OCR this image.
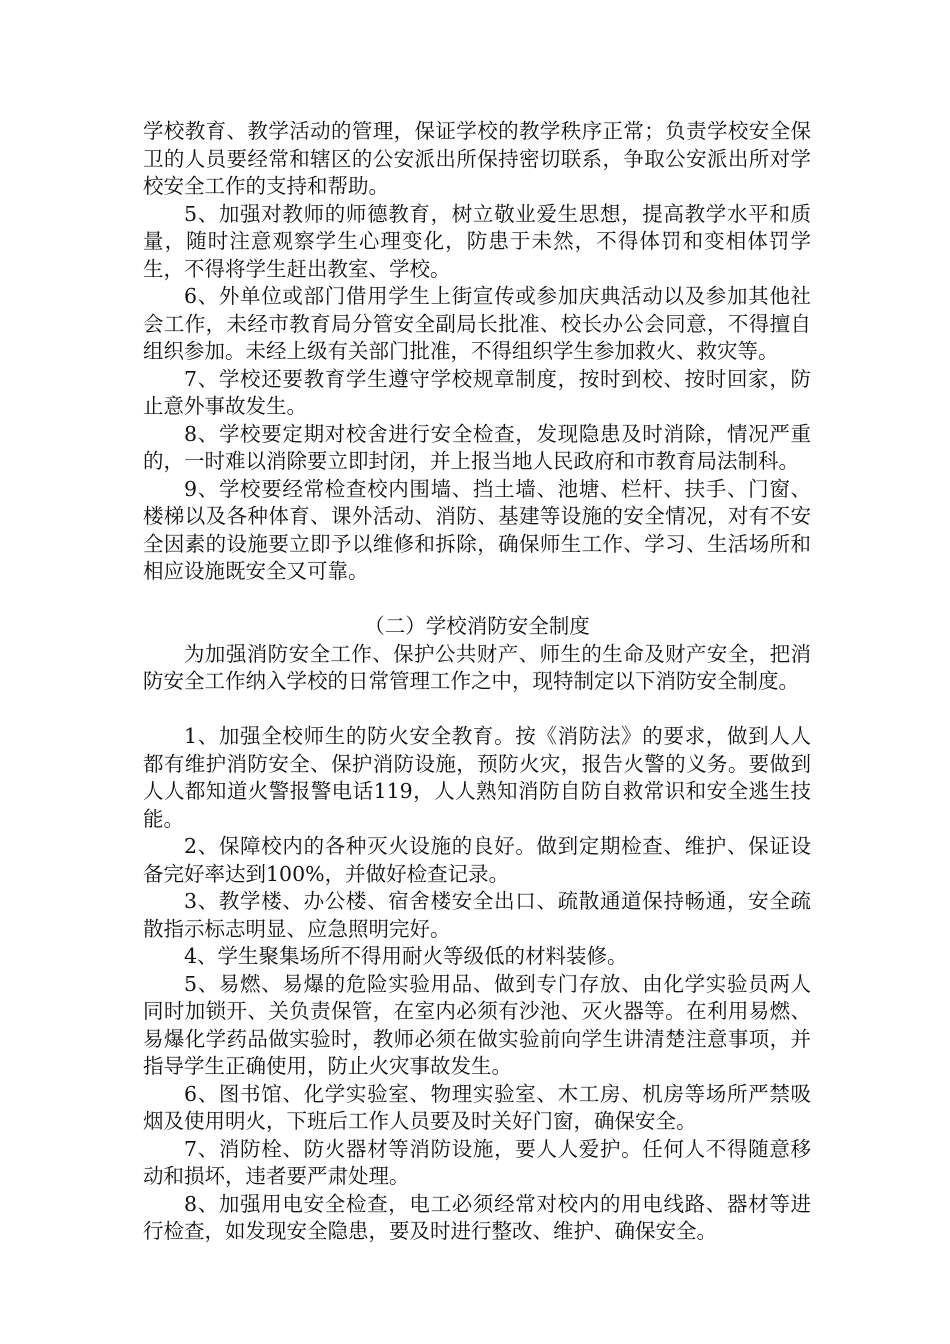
学校教育、教学活动的管理，保证学校的教学秩序正常；负责学校安全保卫的人员要经常和辖区的公安派出所保持密切联系，争取公安派出所对学校安全工作的支持和帮助。

5、加强对教师的师德教育，树立敬业爱生思想，提高教学水平和质量，随时注意观察学生心理变化，防患于未然，不得体罚和变相体罚学生，不得将学生赶出教室、学校。

6、外单位或部门借用学生上街宣传或参加庆典活动以及参加其他社会工作，未经市教育局分管安全副局长批准、校长办公会同意，不得擅自组织参加。未经上级有关部门批准，不得组织学生参加救火、救灾等。

7、学校还要教育学生遵守学校规章制度，按时到校、按时回家，防止意外事故发生。

8、学校要定期对校舍进行安全检查，发现隐患及时消除，情况严重的，一时难以消除要立即封闭，并上报当地人民政府和市教育局法制科。

9、学校要经常检查校内围墙、挡土墙、池塘、栏杆、扶手、门窗、楼梯以及各种体育、课外活动、消防、基建等设施的安全情况，对有不安全因素的设施要立即予以维修和拆除，确保师生工作、学习、生活场所和相应设施既安全又可靠。

（二）学校消防安全制度

为加强消防安全工作、保护公共财产、师生的生命及财产安全，把消防安全工作纳入学校的日常管理工作之中，现特制定以下消防安全制度。

1、加强全校师生的防火安全教育。按《消防法》的要求，做到人人都有维护消防安全、保护消防设施，预防火灾，报告火警的义务。要做到人人都知道火警报警电话119，人人熟知消防自防自救常识和安全逃生技能。

2、保障校内的各种灭火设施的良好。做到定期检查、维护、保证设备完好率达到100%，并做好检查记录。

3、教学楼、办公楼、宿舍楼安全出口、疏散通道保持畅通，安全疏散指示标志明显、应急照明完好。

4、学生聚集场所不得用耐火等级低的材料装修。

5、易燃、易爆的危险实验用品、做到专门存放、由化学实验员两人同时加锁开、关负责保管，在室内必须有沙池、灭火器等。在利用易燃、易爆化学药品做实验时，教师必须在做实验前向学生讲清楚注意事项，并指导学生正确使用，防止火灾事故发生。

6、图书馆、化学实验室、物理实验室、木工房、机房等场所严禁吸烟及使用明火，下班后工作人员要及时关好门窗，确保安全。

7、消防栓、防火器材等消防设施，要人人爱护。任何人不得随意移动和损坏，违者要严肃处理。

8、加强用电安全检查，电工必须经常对校内的用电线路、器材等进行检查，如发现安全隐患，要及时进行整改、维护、确保安全。
